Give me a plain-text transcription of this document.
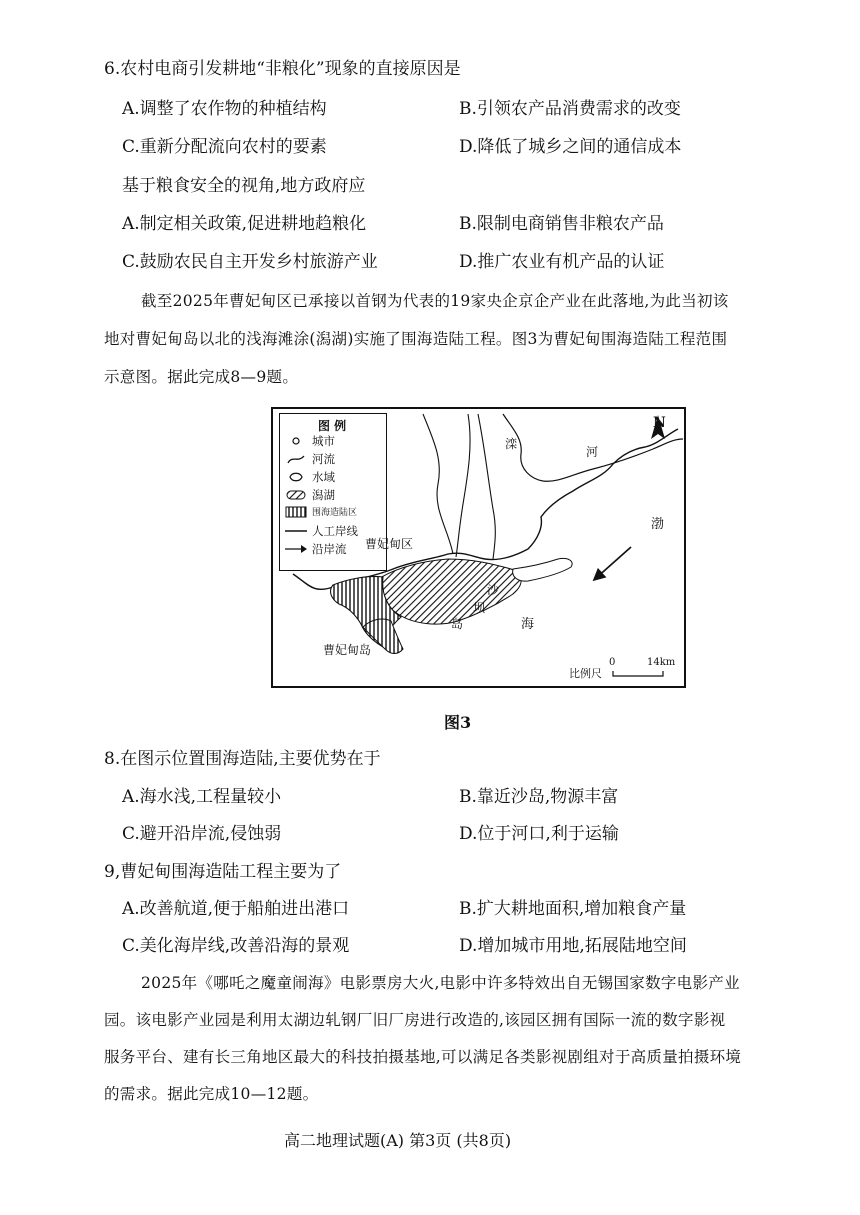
6.农村电商引发耕地“非粮化”现象的直接原因是
A.调整了农作物的种植结构	B.引领农产品消费需求的改变
C.重新分配流向农村的要素	D.降低了城乡之间的通信成本
基于粮食安全的视角,地方政府应
A.制定相关政策,促进耕地趋粮化	B.限制电商销售非粮农产品
C.鼓励农民自主开发乡村旅游产业	D.推广农业有机产品的认证
截至2025年曹妃甸区已承接以首钢为代表的19家央企京企产业在此落地,为此当初该
地对曹妃甸岛以北的浅海滩涂(潟湖)实施了围海造陆工程。图3为曹妃甸围海造陆工程范围
示意图。据此完成8—9题。
图 例
城市
河流
水域
潟湖
围海造陆区
人工岸线
沿岸流 曹妃甸区
曹妃甸岛
滦
河
渤
海
沙
坝
岛
N
比例尺
0	14km
图3
8.在图示位置围海造陆,主要优势在于
A.海水浅,工程量较小	B.靠近沙岛,物源丰富
C.避开沿岸流,侵蚀弱	D.位于河口,利于运输
9,曹妃甸围海造陆工程主要为了
A.改善航道,便于船舶进出港口	B.扩大耕地面积,增加粮食产量
C.美化海岸线,改善沿海的景观	D.增加城市用地,拓展陆地空间
2025年《哪吒之魔童闹海》电影票房大火,电影中许多特效出自无锡国家数字电影产业
园。该电影产业园是利用太湖边轧钢厂旧厂房进行改造的,该园区拥有国际一流的数字影视
服务平台、建有长三角地区最大的科技拍摄基地,可以满足各类影视剧组对于高质量拍摄环境
的需求。据此完成10—12题。
高二地理试题(A) 第3页 (共8页)
